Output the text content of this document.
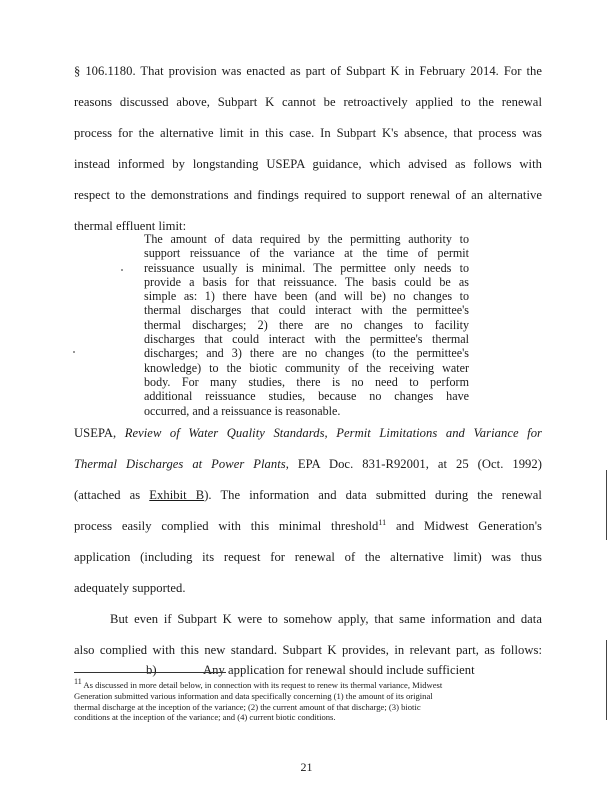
§ 106.1180. That provision was enacted as part of Subpart K in February 2014. For the
reasons discussed above, Subpart K cannot be retroactively applied to the renewal
process for the alternative limit in this case. In Subpart K's absence, that process was
instead informed by longstanding USEPA guidance, which advised as follows with
respect to the demonstrations and findings required to support renewal of an alternative
thermal effluent limit:
The amount of data required by the permitting authority to
support reissuance of the variance at the time of permit
reissuance usually is minimal. The permittee only needs to
provide a basis for that reissuance. The basis could be as
simple as: 1) there have been (and will be) no changes to
thermal discharges that could interact with the permittee's
thermal discharges; 2) there are no changes to facility
discharges that could interact with the permittee's thermal
discharges; and 3) there are no changes (to the permittee's
knowledge) to the biotic community of the receiving water
body. For many studies, there is no need to perform
additional reissuance studies, because no changes have
occurred, and a reissuance is reasonable.
USEPA, Review of Water Quality Standards, Permit Limitations and Variance for
Thermal Discharges at Power Plants, EPA Doc. 831-R92001, at 25 (Oct. 1992)
(attached as Exhibit B). The information and data submitted during the renewal
process easily complied with this minimal threshold$^{11}$ and Midwest Generation's
application (including its request for renewal of the alternative limit) was thus
adequately supported.
But even if Subpart K were to somehow apply, that same information and data
also complied with this new standard. Subpart K provides, in relevant part, as follows:
b)	Any application for renewal should include sufficient
11 As discussed in more detail below, in connection with its request to renew its thermal variance, Midwest
Generation submitted various information and data specifically concerning (1) the amount of its original
thermal discharge at the inception of the variance; (2) the current amount of that discharge; (3) biotic
conditions at the inception of the variance; and (4) current biotic conditions.
21
